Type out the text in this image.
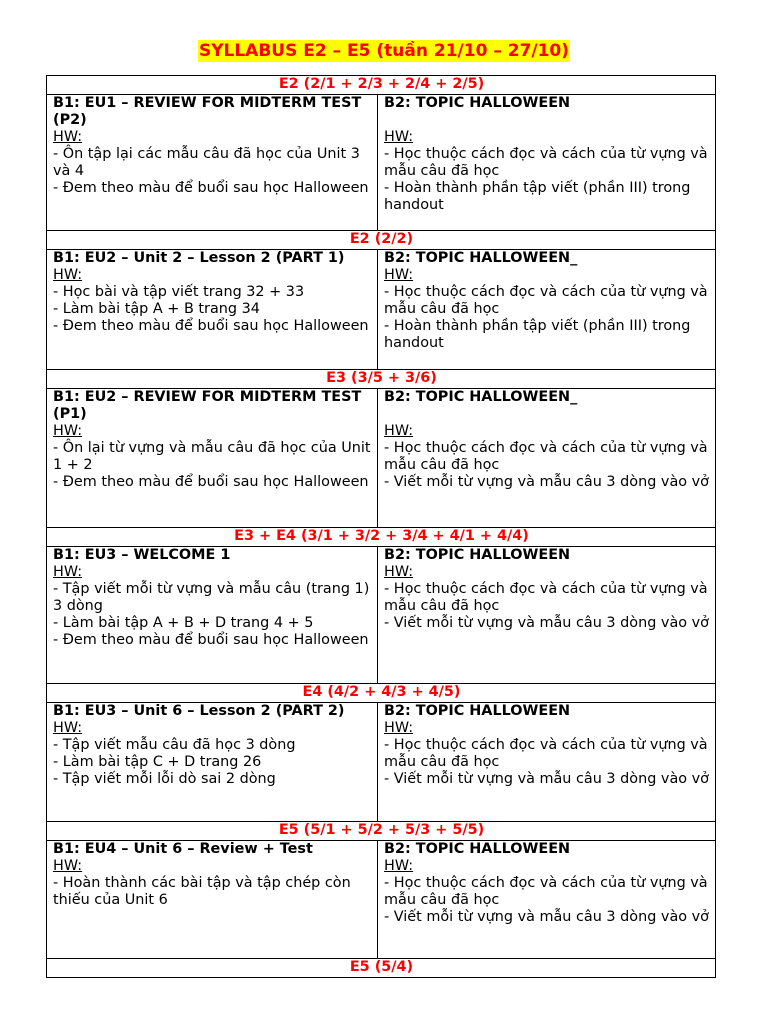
SYLLABUS E2 – E5 (tuần 21/10 – 27/10)
E2 (2/1 + 2/3 + 2/4 + 2/5)	

B1: EU1 – REVIEW FOR MIDTERM TEST (P2)
HW:
- Ôn tập lại các mẫu câu đã học của Unit 3 và 4
- Đem theo màu để buổi sau học Halloween	B2: TOPIC HALLOWEEN
HW:
- Học thuộc cách đọc và cách của từ vựng và mẫu câu đã học
- Hoàn thành phần tập viết (phần III) trong handout

E2 (2/2)	

B1: EU2 – Unit 2 – Lesson 2 (PART 1)
HW:
- Học bài và tập viết trang 32 + 33
- Làm bài tập A + B trang 34
- Đem theo màu để buổi sau học Halloween	B2: TOPIC HALLOWEEN_
HW:
- Học thuộc cách đọc và cách của từ vựng và mẫu câu đã học
- Hoàn thành phần tập viết (phần III) trong handout

E3 (3/5 + 3/6)	

B1: EU2 – REVIEW FOR MIDTERM TEST (P1)
HW:
- Ôn lại từ vựng và mẫu câu đã học của Unit 1 + 2
- Đem theo màu để buổi sau học Halloween	B2: TOPIC HALLOWEEN_
HW:
- Học thuộc cách đọc và cách của từ vựng và mẫu câu đã học
- Viết mỗi từ vựng và mẫu câu 3 dòng vào vở

E3 + E4 (3/1 + 3/2 + 3/4 + 4/1 + 4/4)	

B1: EU3 – WELCOME 1
HW:
- Tập viết mỗi từ vựng và mẫu câu (trang 1) 3 dòng
- Làm bài tập A + B + D trang 4 + 5
- Đem theo màu để buổi sau học Halloween	B2: TOPIC HALLOWEEN
HW:
- Học thuộc cách đọc và cách của từ vựng và mẫu câu đã học
- Viết mỗi từ vựng và mẫu câu 3 dòng vào vở

E4 (4/2 + 4/3 + 4/5)	

B1: EU3 – Unit 6 – Lesson 2 (PART 2)
HW:
- Tập viết mẫu câu đã học 3 dòng
- Làm bài tập C + D trang 26
- Tập viết mỗi lỗi dò sai 2 dòng	B2: TOPIC HALLOWEEN
HW:
- Học thuộc cách đọc và cách của từ vựng và mẫu câu đã học
- Viết mỗi từ vựng và mẫu câu 3 dòng vào vở

E5 (5/1 + 5/2 + 5/3 + 5/5)	

B1: EU4 – Unit 6 – Review + Test
HW:
- Hoàn thành các bài tập và tập chép còn thiếu của Unit 6	B2: TOPIC HALLOWEEN
HW:
- Học thuộc cách đọc và cách của từ vựng và mẫu câu đã học
- Viết mỗi từ vựng và mẫu câu 3 dòng vào vở

E5 (5/4)	
